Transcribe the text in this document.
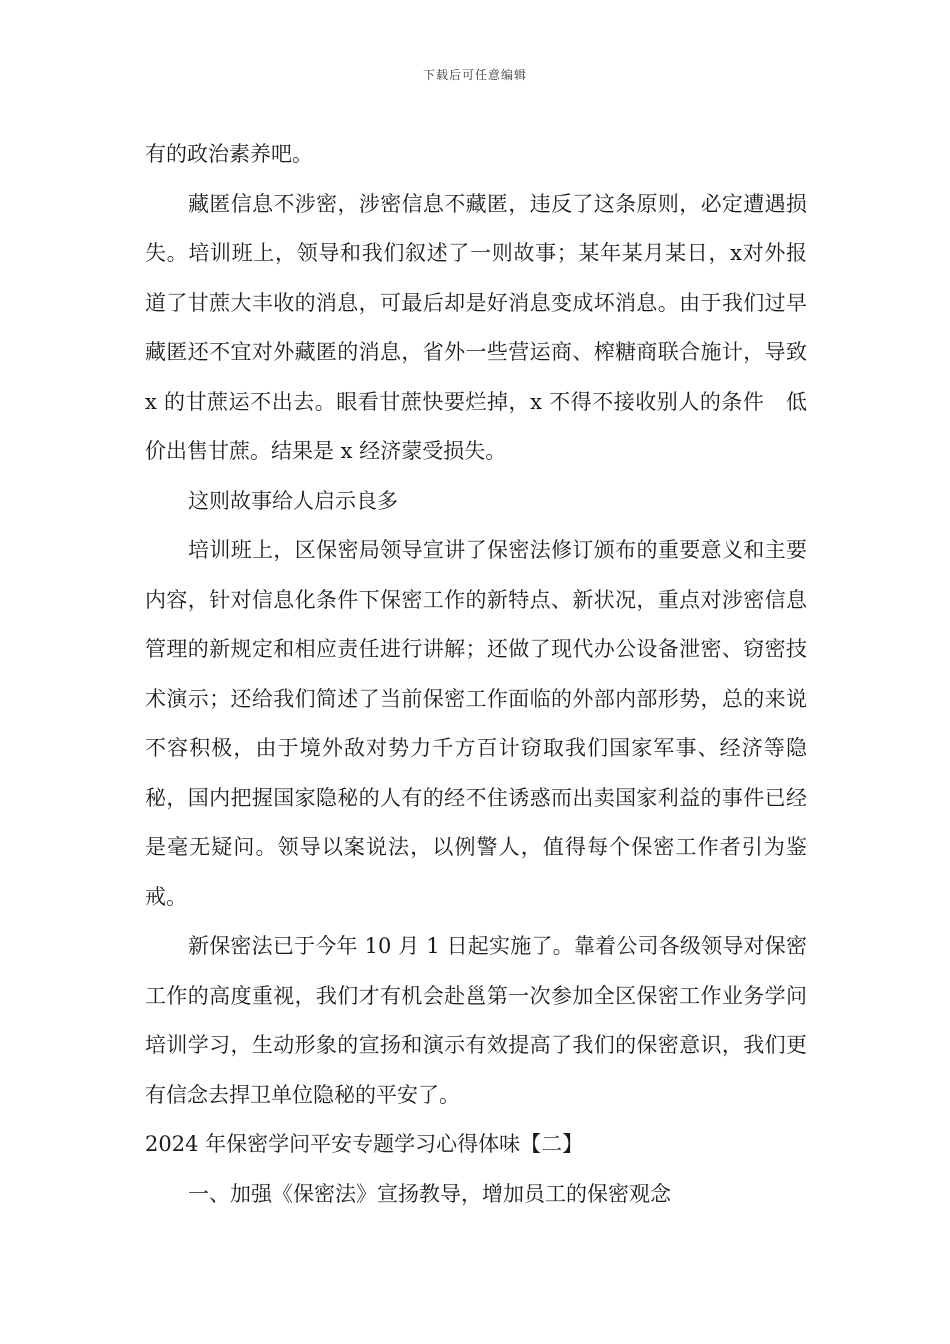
下载后可任意编辑

有的政治素养吧。

藏匿信息不涉密，涉密信息不藏匿，违反了这条原则，必定遭遇损失。培训班上，领导和我们叙述了一则故事；某年某月某日，x对外报道了甘蔗大丰收的消息，可最后却是好消息变成坏消息。由于我们过早藏匿还不宜对外藏匿的消息，省外一些营运商、榨糖商联合施计，导致 x 的甘蔗运不出去。眼看甘蔗快要烂掉，x 不得不接收别人的条件　低价出售甘蔗。结果是 x 经济蒙受损失。

这则故事给人启示良多

培训班上，区保密局领导宣讲了保密法修订颁布的重要意义和主要内容，针对信息化条件下保密工作的新特点、新状况，重点对涉密信息管理的新规定和相应责任进行讲解；还做了现代办公设备泄密、窃密技术演示；还给我们简述了当前保密工作面临的外部内部形势，总的来说不容积极，由于境外敌对势力千方百计窃取我们国家军事、经济等隐秘，国内把握国家隐秘的人有的经不住诱惑而出卖国家利益的事件已经是毫无疑问。领导以案说法，以例警人，值得每个保密工作者引为鉴戒。

新保密法已于今年 10 月 1 日起实施了。靠着公司各级领导对保密工作的高度重视，我们才有机会赴邕第一次参加全区保密工作业务学问培训学习，生动形象的宣扬和演示有效提高了我们的保密意识，我们更有信念去捍卫单位隐秘的平安了。

2024 年保密学问平安专题学习心得体味【二】

一、加强《保密法》宣扬教导，增加员工的保密观念
